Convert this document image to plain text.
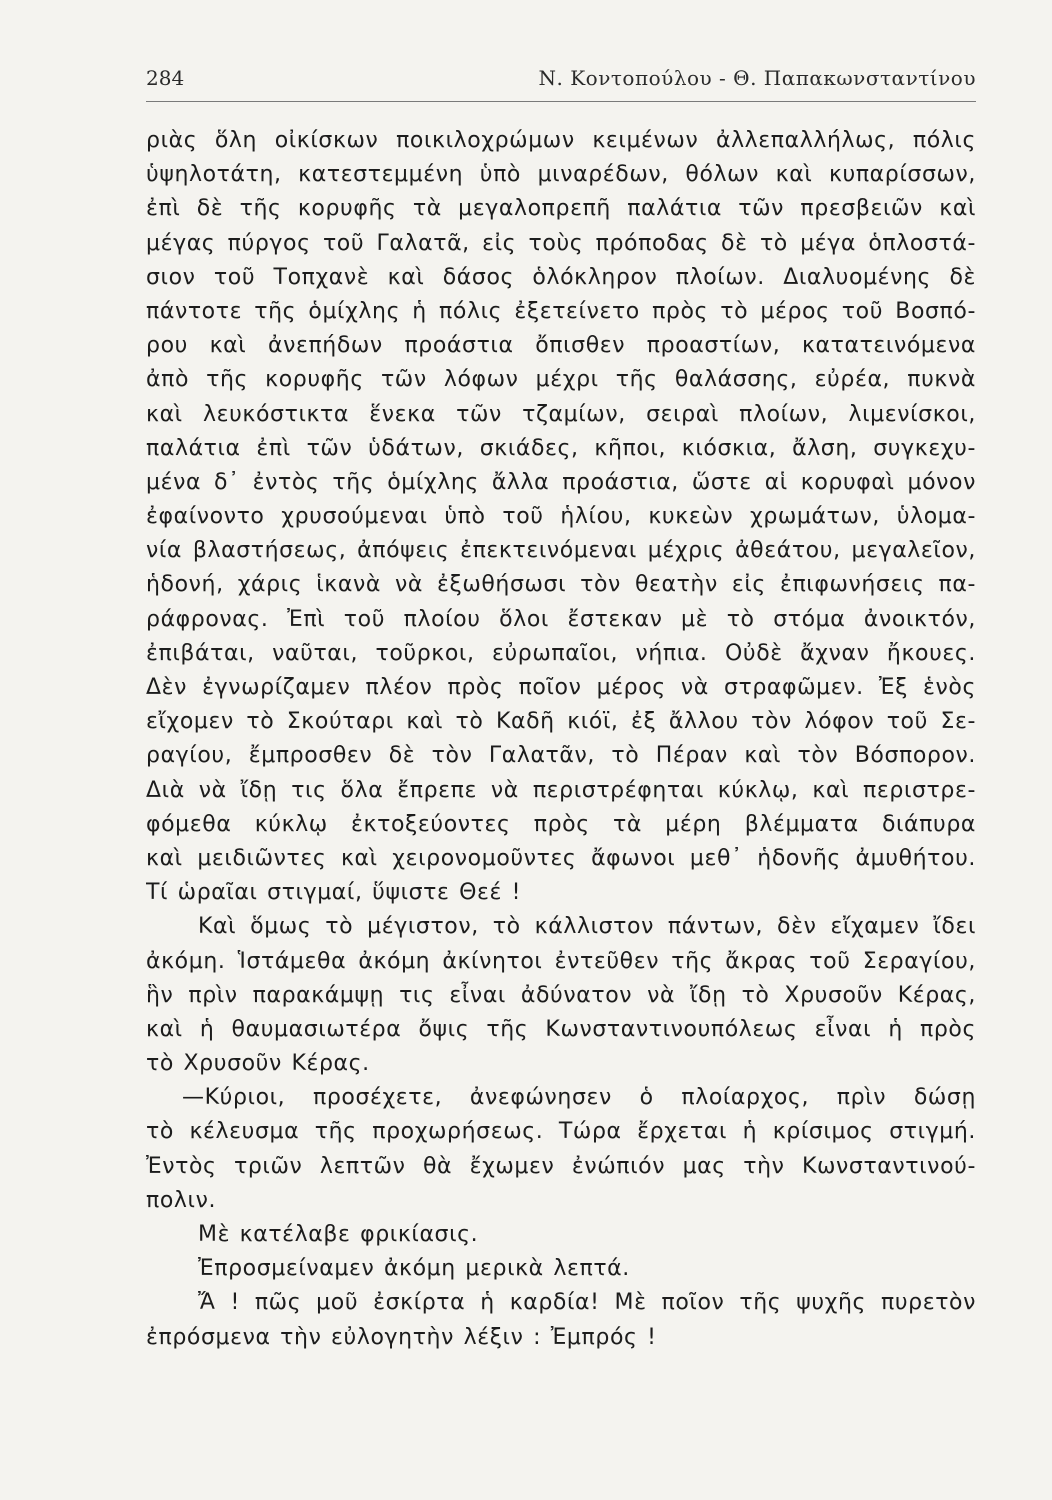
284	Ν. Κοντοπούλου - Θ. Παπακωνσταντίνου
ριὰς ὅλη οἰκίσκων ποικιλοχρώμων κειμένων ἀλλεπαλλήλως, πόλις
ὑψηλοτάτη, κατεστεμμένη ὑπὸ μιναρέδων, θόλων καὶ κυπαρίσσων,
ἐπὶ δὲ τῆς κορυφῆς τὰ μεγαλοπρεπῆ παλάτια τῶν πρεσβειῶν καὶ
μέγας πύργος τοῦ Γαλατᾶ, εἰς τοὺς πρόποδας δὲ τὸ μέγα ὁπλοστά-
σιον τοῦ Τοπχανὲ καὶ δάσος ὁλόκληρον πλοίων. Διαλυομένης δὲ
πάντοτε τῆς ὁμίχλης ἡ πόλις ἐξετείνετο πρὸς τὸ μέρος τοῦ Βοσπό-
ρου καὶ ἀνεπήδων προάστια ὄπισθεν προαστίων, κατατεινόμενα
ἀπὸ τῆς κορυφῆς τῶν λόφων μέχρι τῆς θαλάσσης, εὐρέα, πυκνὰ
καὶ λευκόστικτα ἕνεκα τῶν τζαμίων, σειραὶ πλοίων, λιμενίσκοι,
παλάτια ἐπὶ τῶν ὑδάτων, σκιάδες, κῆποι, κιόσκια, ἄλση, συγκεχυ-
μένα δ᾽ ἐντὸς τῆς ὁμίχλης ἄλλα προάστια, ὥστε αἱ κορυφαὶ μόνον
ἐφαίνοντο χρυσούμεναι ὑπὸ τοῦ ἡλίου, κυκεὼν χρωμάτων, ὑλομα-
νία βλαστήσεως, ἀπόψεις ἐπεκτεινόμεναι μέχρις ἀθεάτου, μεγαλεῖον,
ἡδονή, χάρις ἱκανὰ νὰ ἐξωθήσωσι τὸν θεατὴν εἰς ἐπιφωνήσεις πα-
ράφρονας. Ἐπὶ τοῦ πλοίου ὅλοι ἔστεκαν μὲ τὸ στόμα ἀνοικτόν,
ἐπιβάται, ναῦται, τοῦρκοι, εὐρωπαῖοι, νήπια. Οὐδὲ ἄχναν ἤκουες.
Δὲν ἐγνωρίζαμεν πλέον πρὸς ποῖον μέρος νὰ στραφῶμεν. Ἐξ ἑνὸς
εἴχομεν τὸ Σκούταρι καὶ τὸ Καδῆ κιόϊ, ἐξ ἄλλου τὸν λόφον τοῦ Σε-
ραγίου, ἔμπροσθεν δὲ τὸν Γαλατᾶν, τὸ Πέραν καὶ τὸν Βόσπορον.
Διὰ νὰ ἴδῃ τις ὅλα ἔπρεπε νὰ περιστρέφηται κύκλῳ, καὶ περιστρε-
φόμεθα κύκλῳ ἐκτοξεύοντες πρὸς τὰ μέρη βλέμματα διάπυρα
καὶ μειδιῶντες καὶ χειρονομοῦντες ἄφωνοι μεθ᾽ ἡδονῆς ἀμυθήτου.
Τί ὡραῖαι στιγμαί, ὕψιστε Θεέ !
Καὶ ὅμως τὸ μέγιστον, τὸ κάλλιστον πάντων, δὲν εἴχαμεν ἴδει
ἀκόμη. Ἱστάμεθα ἀκόμη ἀκίνητοι ἐντεῦθεν τῆς ἄκρας τοῦ Σεραγίου,
ἣν πρὶν παρακάμψῃ τις εἶναι ἀδύνατον νὰ ἴδῃ τὸ Χρυσοῦν Κέρας,
καὶ ἡ θαυμασιωτέρα ὄψις τῆς Κωνσταντινουπόλεως εἶναι ἡ πρὸς
τὸ Χρυσοῦν Κέρας.
—Κύριοι, προσέχετε, ἀνεφώνησεν ὁ πλοίαρχος, πρὶν δώσῃ
τὸ κέλευσμα τῆς προχωρήσεως. Τώρα ἔρχεται ἡ κρίσιμος στιγμή.
Ἐντὸς τριῶν λεπτῶν θὰ ἔχωμεν ἐνώπιόν μας τὴν Κωνσταντινού-
πολιν.
Μὲ κατέλαβε φρικίασις.
Ἐπροσμείναμεν ἀκόμη μερικὰ λεπτά.
Ἄ ! πῶς μοῦ ἐσκίρτα ἡ καρδία! Μὲ ποῖον τῆς ψυχῆς πυρετὸν
ἐπρόσμενα τὴν εὐλογητὴν λέξιν : Ἐμπρός !
